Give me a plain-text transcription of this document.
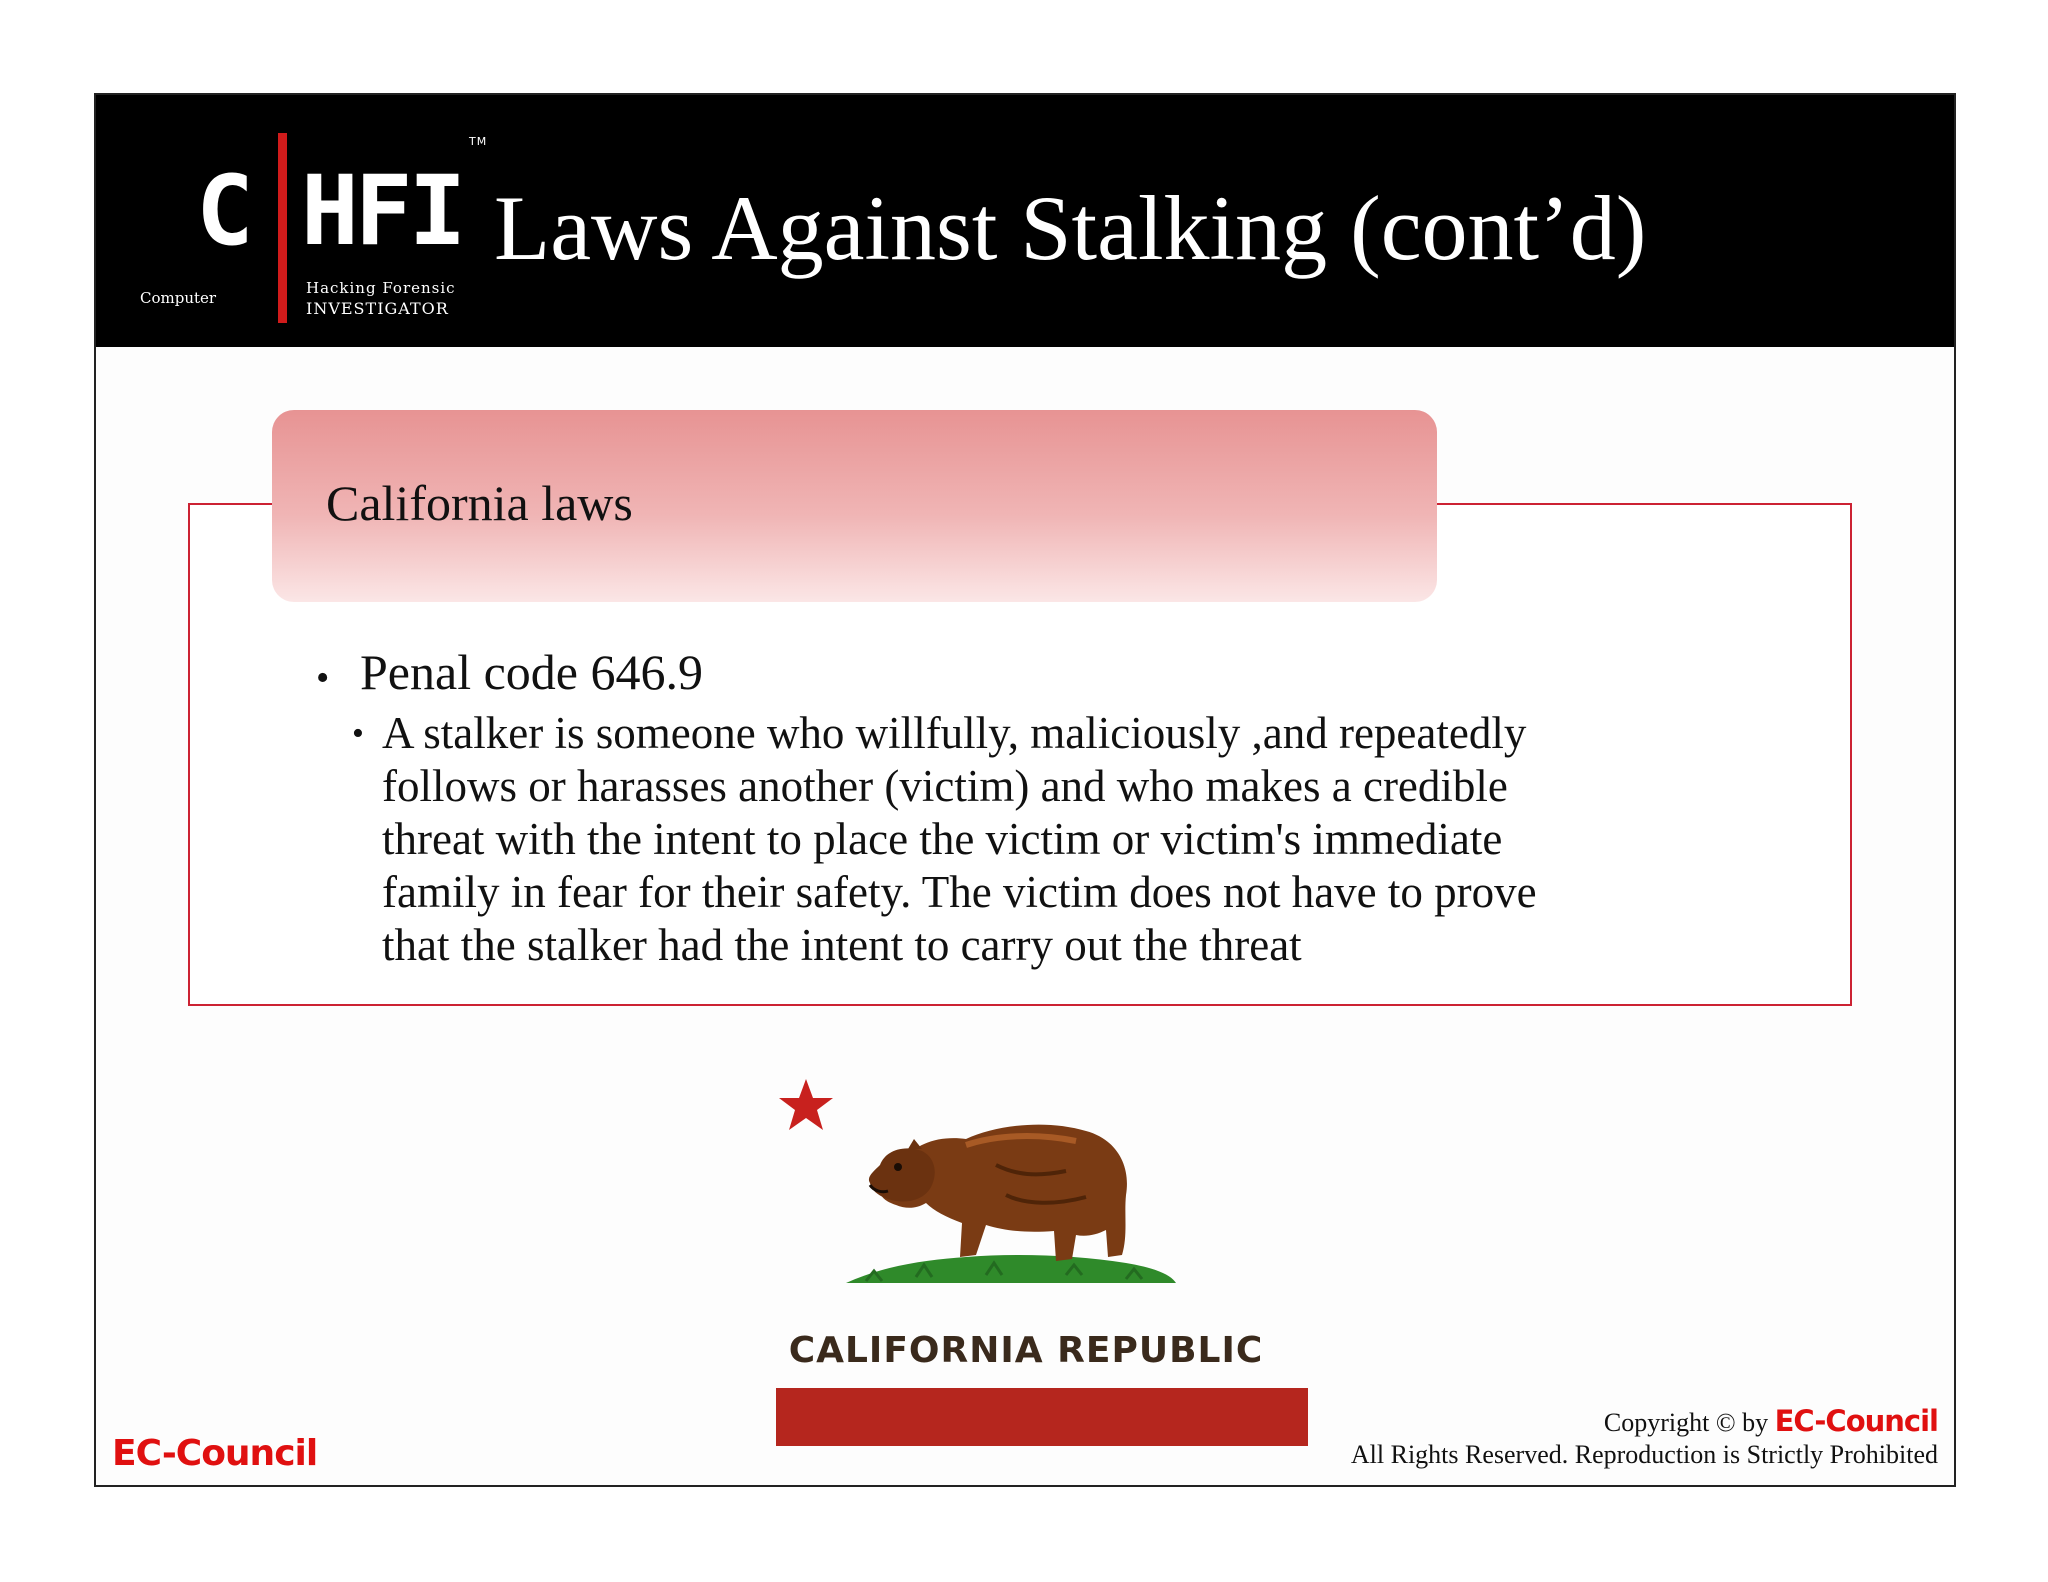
TM
C HFI
Computer
Hacking Forensic
INVESTIGATOR
Laws Against Stalking (cont’d)
California laws
• Penal code 646.9
• A stalker is someone who willfully, maliciously ,and repeatedly
follows or harasses another (victim) and who makes a credible
threat with the intent to place the victim or victim's immediate
family in fear for their safety. The victim does not have to prove
that the stalker had the intent to carry out the threat
CALIFORNIA REPUBLIC
EC-Council
Copyright © by EC-Council
All Rights Reserved. Reproduction is Strictly Prohibited
